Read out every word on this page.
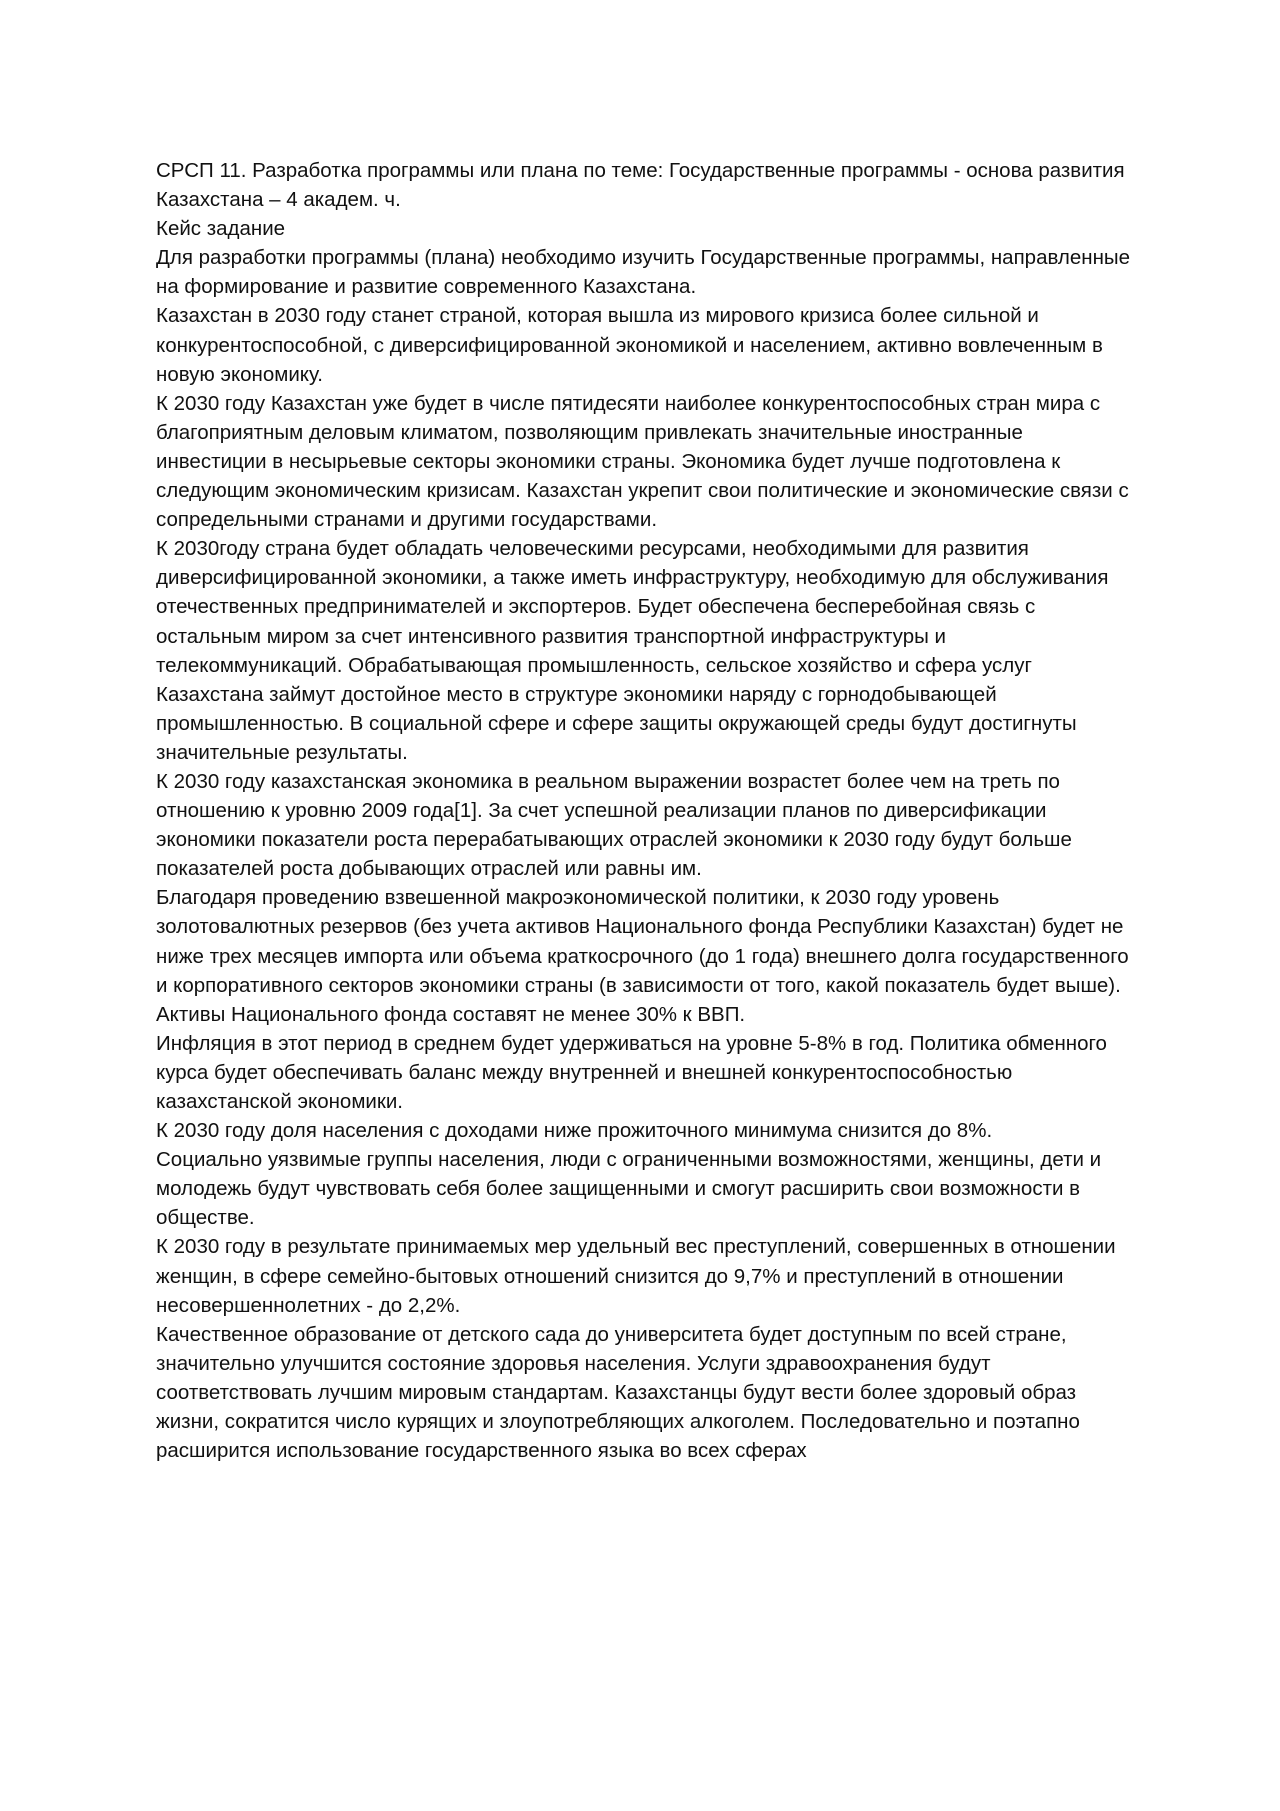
СРСП 11. Разработка программы или плана по теме: Государственные программы - основа развития Казахстана – 4 академ. ч.

Кейс задание

Для разработки программы (плана) необходимо изучить Государственные программы, направленные на формирование и развитие современного Казахстана.

Казахстан в 2030 году станет страной, которая вышла из мирового кризиса более сильной и конкурентоспособной, с диверсифицированной экономикой и населением, активно вовлеченным в новую экономику.

К 2030 году Казахстан уже будет в числе пятидесяти наиболее конкурентоспособных стран мира с благоприятным деловым климатом, позволяющим привлекать значительные иностранные инвестиции в несырьевые секторы экономики страны. Экономика будет лучше подготовлена к следующим экономическим кризисам. Казахстан укрепит свои политические и экономические связи с сопредельными странами и другими государствами.

К 2030году страна будет обладать человеческими ресурсами, необходимыми для развития диверсифицированной экономики, а также иметь инфраструктуру, необходимую для обслуживания отечественных предпринимателей и экспортеров. Будет обеспечена бесперебойная связь с остальным миром за счет интенсивного развития транспортной инфраструктуры и телекоммуникаций. Обрабатывающая промышленность, сельское хозяйство и сфера услуг Казахстана займут достойное место в структуре экономики наряду с горнодобывающей промышленностью. В социальной сфере и сфере защиты окружающей среды будут достигнуты значительные результаты.

К 2030 году казахстанская экономика в реальном выражении возрастет более чем на треть по отношению к уровню 2009 года[1]. За счет успешной реализации планов по диверсификации экономики показатели роста перерабатывающих отраслей экономики к 2030 году будут больше показателей роста добывающих отраслей или равны им.

Благодаря проведению взвешенной макроэкономической политики, к 2030 году уровень золотовалютных резервов (без учета активов Национального фонда Республики Казахстан) будет не ниже трех месяцев импорта или объема краткосрочного (до 1 года) внешнего долга государственного и корпоративного секторов экономики страны (в зависимости от того, какой показатель будет выше). Активы Национального фонда составят не менее 30% к ВВП.

Инфляция в этот период в среднем будет удерживаться на уровне 5-8% в год. Политика обменного курса будет обеспечивать баланс между внутренней и внешней конкурентоспособностью казахстанской экономики.

К 2030 году доля населения с доходами ниже прожиточного минимума снизится до 8%.

Социально уязвимые группы населения, люди с ограниченными возможностями, женщины, дети и молодежь будут чувствовать себя более защищенными и смогут расширить свои возможности в обществе.

К 2030 году в результате принимаемых мер удельный вес преступлений, совершенных в отношении женщин, в сфере семейно-бытовых отношений снизится до 9,7% и преступлений в отношении несовершеннолетних - до 2,2%.

Качественное образование от детского сада до университета будет доступным по всей стране, значительно улучшится состояние здоровья населения. Услуги здравоохранения будут соответствовать лучшим мировым стандартам. Казахстанцы будут вести более здоровый образ жизни, сократится число курящих и злоупотребляющих алкоголем. Последовательно и поэтапно расширится использование государственного языка во всех сферах
